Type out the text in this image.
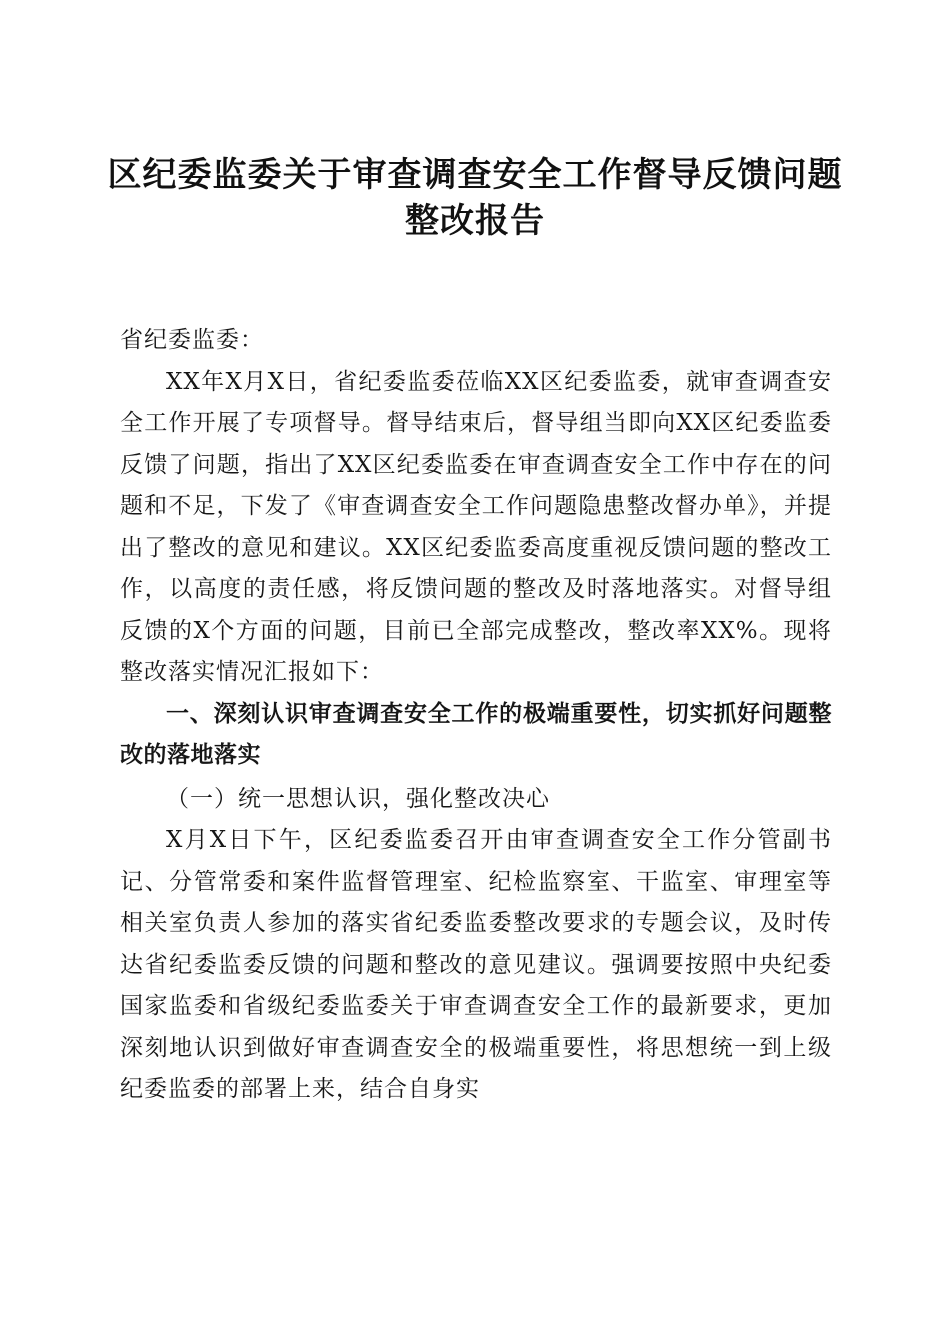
区纪委监委关于审查调查安全工作督导反馈问题整改报告

省纪委监委：

XX年X月X日，省纪委监委莅临XX区纪委监委，就审查调查安全工作开展了专项督导。督导结束后，督导组当即向XX区纪委监委反馈了问题，指出了XX区纪委监委在审查调查安全工作中存在的问题和不足，下发了《审查调查安全工作问题隐患整改督办单》，并提出了整改的意见和建议。XX区纪委监委高度重视反馈问题的整改工作，以高度的责任感，将反馈问题的整改及时落地落实。对督导组反馈的X个方面的问题，目前已全部完成整改，整改率XX%。现将整改落实情况汇报如下：

一、深刻认识审查调查安全工作的极端重要性，切实抓好问题整改的落地落实

（一）统一思想认识，强化整改决心

X月X日下午，区纪委监委召开由审查调查安全工作分管副书记、分管常委和案件监督管理室、纪检监察室、干监室、审理室等相关室负责人参加的落实省纪委监委整改要求的专题会议，及时传达省纪委监委反馈的问题和整改的意见建议。强调要按照中央纪委国家监委和省级纪委监委关于审查调查安全工作的最新要求，更加深刻地认识到做好审查调查安全的极端重要性，将思想统一到上级纪委监委的部署上来，结合自身实
